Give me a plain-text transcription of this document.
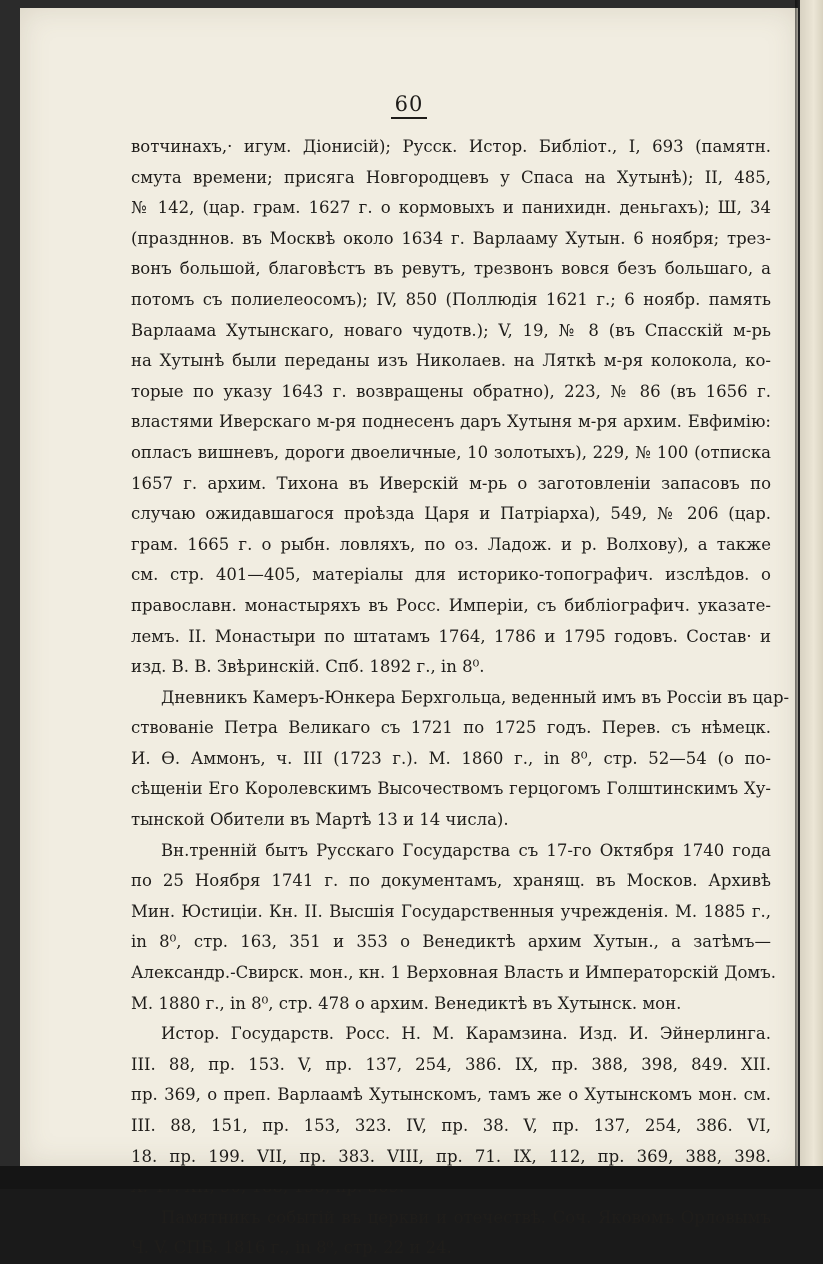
60
вотчинахъ,· игум. Діонисій); Русск. Истор. Библіот., I, 693 (памятн.
смута времени; присяга Новгородцевъ у Спаса на Хутынѣ); II, 485,
№ 142, (цар. грам. 1627 г. о кормовыхъ и панихидн. деньгахъ); Ш, 34
(праздннов. въ Москвѣ около 1634 г. Варлааму Хутын. 6 ноября; трез-
вонъ большой, благовѣстъ въ ревутъ, трезвонъ вовся безъ большаго, а
потомъ съ полиелеосомъ); IV, 850 (Поллюдія 1621 г.; 6 ноябр. память
Варлаама Хутынскаго, новаго чудотв.); V, 19, № 8 (въ Спасскій м-рь
на Хутынѣ были переданы изъ Николаев. на Ляткѣ м-ря колокола, ко-
торые по указу 1643 г. возвращены обратно), 223, № 86 (въ 1656 г.
властями Иверскаго м-ря поднесенъ даръ Хутыня м-ря архим. Евфимію:
опласъ вишневъ, дороги двоеличные, 10 золотыхъ), 229, № 100 (отписка
1657 г. архим. Тихона въ Иверскій м-рь о заготовленіи запасовъ по
случаю ожидавшагося проѣзда Царя и Патріарха), 549, № 206 (цар.
грам. 1665 г. о рыбн. ловляхъ, по оз. Ладож. и р. Волхову), а также
см. стр. 401—405, матеріалы для историко-топографич. изслѣдов. о
православн. монастыряхъ въ Росс. Имперіи, съ библіографич. указате-
лемъ. II. Монастыри по штатамъ 1764, 1786 и 1795 годовъ. Состав· и
изд. В. В. Звѣринскій. Спб. 1892 г., in 8⁰.
Дневникъ Камеръ-Юнкера Берхгольца, веденный имъ въ Россіи въ цар-
ствованіе Петра Великаго съ 1721 по 1725 годъ. Перев. съ нѣмецк.
И. Ѳ. Аммонъ, ч. III (1723 г.). М. 1860 г., in 8⁰, стр. 52—54 (о по-
сѣщеніи Его Королевскимъ Высочествомъ герцогомъ Голштинскимъ Ху-
тынской Обители въ Мартѣ 13 и 14 числа).
Вн.тренній бытъ Русскаго Государства съ 17-го Октября 1740 года
по 25 Ноября 1741 г. по документамъ, хранящ. въ Москов. Архивѣ
Мин. Юстиціи. Кн. II. Высшія Государственныя учрежденія. М. 1885 г.,
in 8⁰, стр. 163, 351 и 353 о Венедиктѣ архим Хутын., а затѣмъ—
Александр.-Свирск. мон., кн. 1 Верховная Власть и Императорскій Домъ.
М. 1880 г., in 8⁰, стр. 478 о архим. Венедиктѣ въ Хутынск. мон.
Истор. Государств. Росс. Н. М. Карамзина. Изд. И. Эйнерлинга.
III. 88, пр. 153. V, пр. 137, 254, 386. IX, пр. 388, 398, 849. XII.
пр. 369, о преп. Варлаамѣ Хутынскомъ, тамъ же о Хутынскомъ мон. см.
III. 88, 151, пр. 153, 323. IV, пр. 38. V, пр. 137, 254, 386. VI,
18. пр. 199. VII, пр. 383. VIII, пр. 71. IX, 112, пр. 369, 388, 398.
Памятникъ событій въ церкви и отечествѣ. Соч. Яковомъ Орловымъ
Ч. V. СПБ. 1816 г., in 8⁰, стр. 22 и 24.
